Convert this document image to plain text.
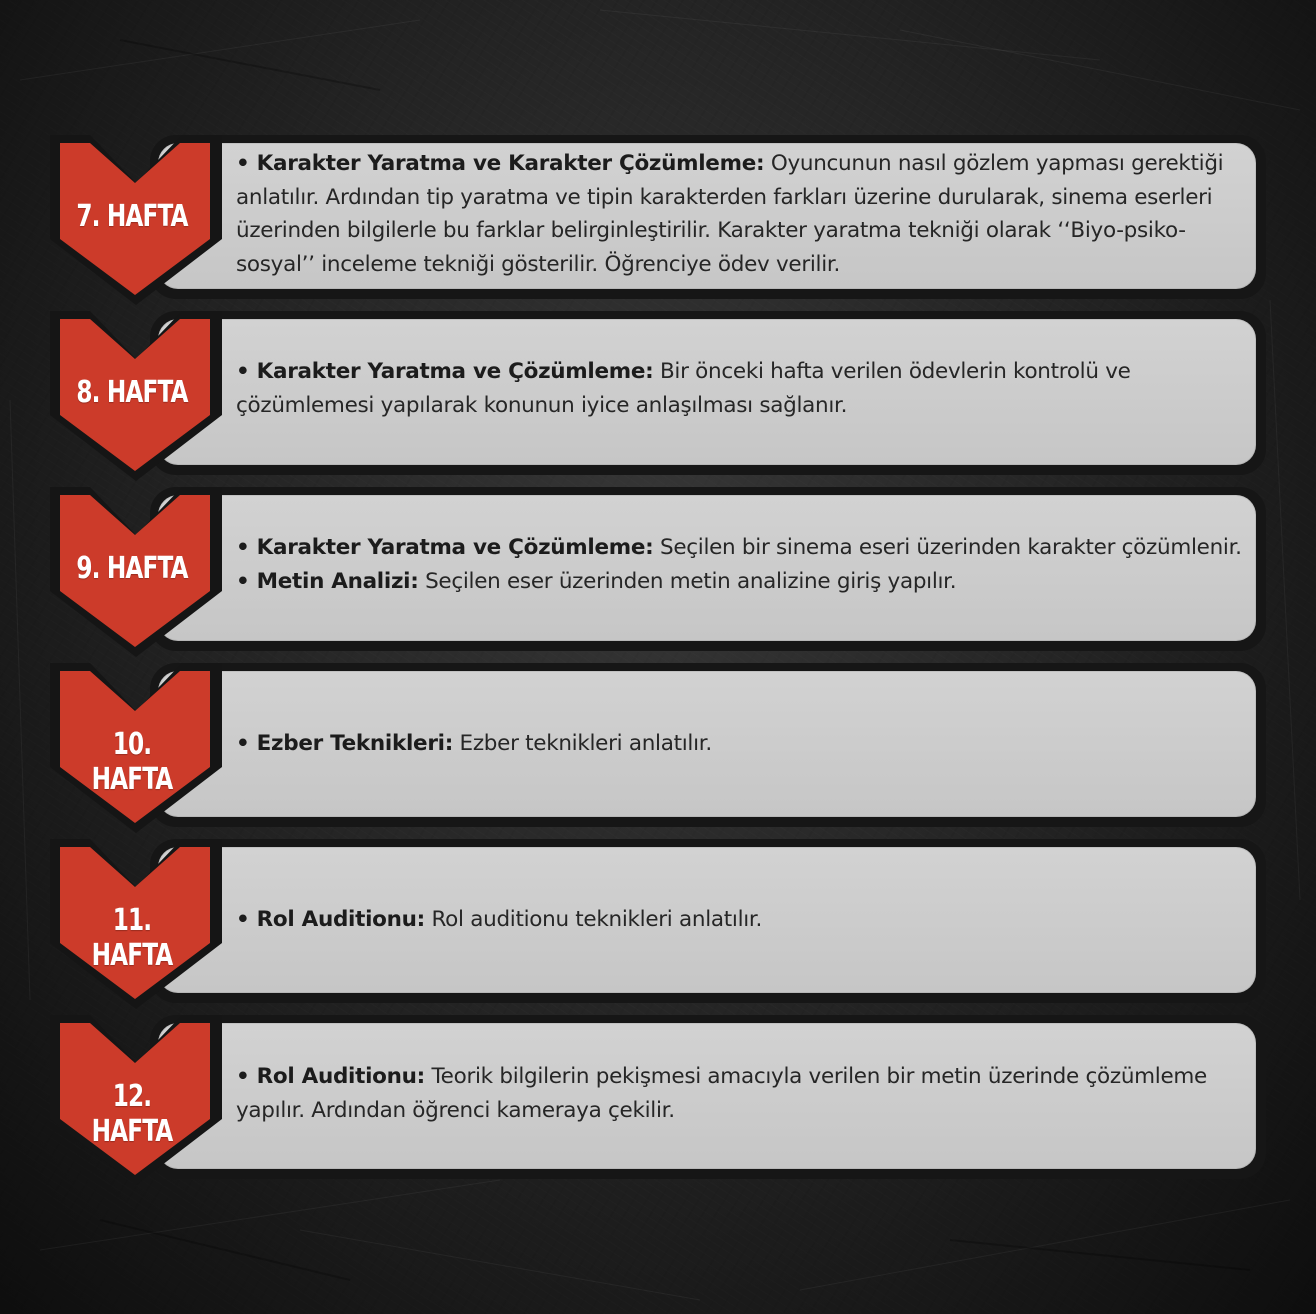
7. HAFTA
• Karakter Yaratma ve Karakter Çözümleme: Oyuncunun nasıl gözlem yapması gerektiği anlatılır. Ardından tip yaratma ve tipin karakterden farkları üzerine durularak, sinema eserleri üzerinden bilgilerle bu farklar belirginleştirilir. Karakter yaratma tekniği olarak ‘‘Biyo-psiko-sosyal’’ inceleme tekniği gösterilir. Öğrenciye ödev verilir.
8. HAFTA
• Karakter Yaratma ve Çözümleme: Bir önceki hafta verilen ödevlerin kontrolü ve çözümlemesi yapılarak konunun iyice anlaşılması sağlanır.
9. HAFTA
• Karakter Yaratma ve Çözümleme: Seçilen bir sinema eseri üzerinden karakter çözümlenir.
• Metin Analizi: Seçilen eser üzerinden metin analizine giriş yapılır.
10. HAFTA
• Ezber Teknikleri: Ezber teknikleri anlatılır.
11. HAFTA
• Rol Auditionu: Rol auditionu teknikleri anlatılır.
12. HAFTA
• Rol Auditionu: Teorik bilgilerin pekişmesi amacıyla verilen bir metin üzerinde çözümleme yapılır. Ardından öğrenci kameraya çekilir.
